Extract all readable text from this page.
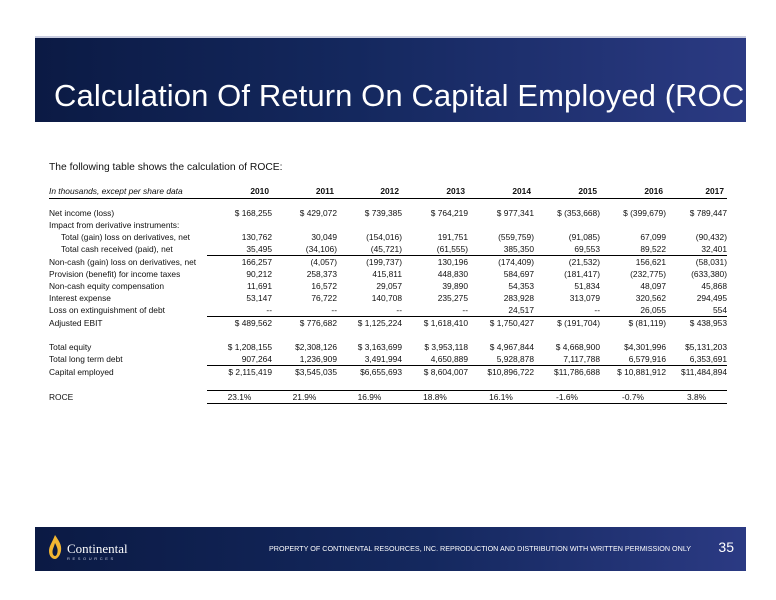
Calculation Of Return On Capital Employed (ROCE)
The following table shows the calculation of ROCE:
In thousands, except per share data	2010	2011	2012	2013	2014	2015	2016	2017

Net income (loss)	$ 168,255	$ 429,072	$ 739,385	$ 764,219	$ 977,341	$ (353,668)	$ (399,679)	$ 789,447
Impact from derivative instruments:								
Total (gain) loss on derivatives, net	130,762	30,049	(154,016)	191,751	(559,759)	(91,085)	67,099	(90,432)
Total cash received (paid), net	35,495	(34,106)	(45,721)	(61,555)	385,350	69,553	89,522	32,401
Non-cash (gain) loss on derivatives, net	166,257	(4,057)	(199,737)	130,196	(174,409)	(21,532)	156,621	(58,031)
Provision (benefit) for income taxes	90,212	258,373	415,811	448,830	584,697	(181,417)	(232,775)	(633,380)
Non-cash equity compensation	11,691	16,572	29,057	39,890	54,353	51,834	48,097	45,868
Interest expense	53,147	76,722	140,708	235,275	283,928	313,079	320,562	294,495
Loss on extinguishment of debt	--	--	--	--	24,517	--	26,055	554
Adjusted EBIT	$ 489,562	$ 776,682	$ 1,125,224	$ 1,618,410	$ 1,750,427	$ (191,704)	$ (81,119)	$ 438,953

Total equity	$ 1,208,155	$2,308,126	$ 3,163,699	$ 3,953,118	$ 4,967,844	$ 4,668,900	$4,301,996	$5,131,203
Total long term debt	907,264	1,236,909	3,491,994	4,650,889	5,928,878	7,117,788	6,579,916	6,353,691
Capital employed	$ 2,115,419	$3,545,035	$6,655,693	$ 8,604,007	$10,896,722	$11,786,688	$ 10,881,912	$11,484,894

ROCE	23.1%	21.9%	16.9%	18.8%	16.1%	-1.6%	-0.7%	3.8%
Continental
RESOURCES
PROPERTY OF CONTINENTAL RESOURCES, INC. REPRODUCTION AND DISTRIBUTION WITH WRITTEN PERMISSION ONLY 35
